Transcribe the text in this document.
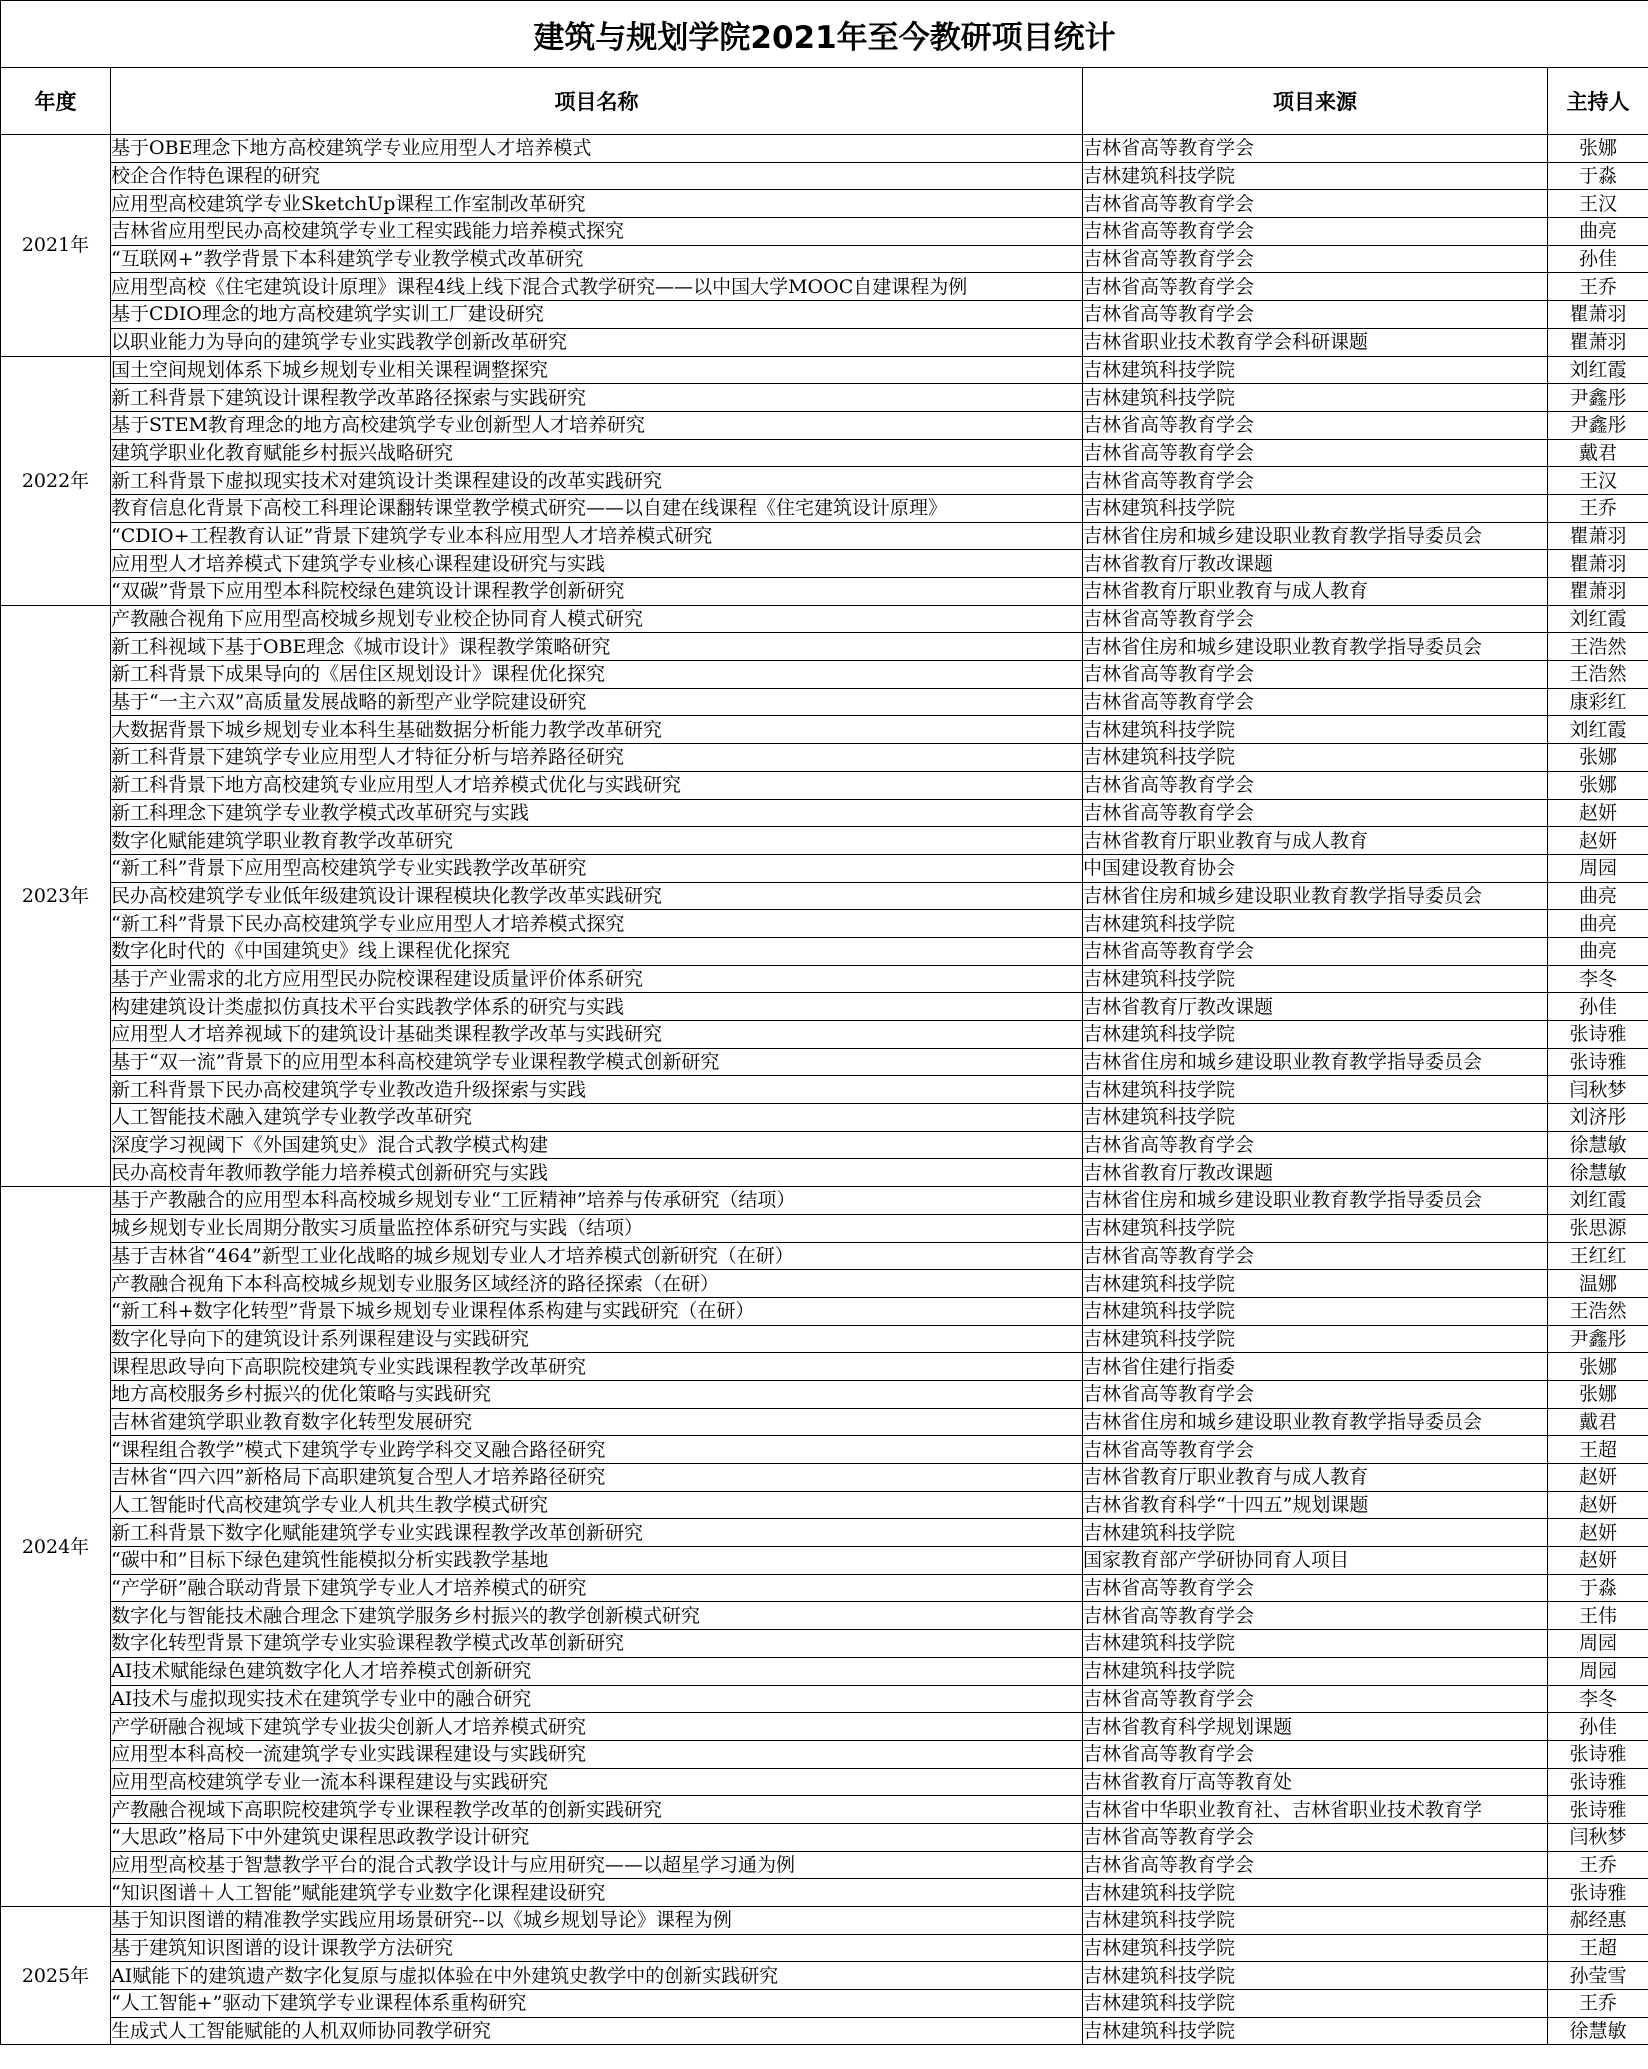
建筑与规划学院2021年至今教研项目统计			
年度	项目名称	项目来源	主持人
2021年	基于OBE理念下地方高校建筑学专业应用型人才培养模式	吉林省高等教育学会	张娜
	校企合作特色课程的研究	吉林建筑科技学院	于淼
	应用型高校建筑学专业SketchUp课程工作室制改革研究	吉林省高等教育学会	王汉
	吉林省应用型民办高校建筑学专业工程实践能力培养模式探究	吉林省高等教育学会	曲亮
	“互联网+”教学背景下本科建筑学专业教学模式改革研究	吉林省高等教育学会	孙佳
	应用型高校《住宅建筑设计原理》课程4线上线下混合式教学研究——以中国大学MOOC自建课程为例	吉林省高等教育学会	王乔
	基于CDIO理念的地方高校建筑学实训工厂建设研究	吉林省高等教育学会	瞿萧羽
	以职业能力为导向的建筑学专业实践教学创新改革研究	吉林省职业技术教育学会科研课题	瞿萧羽
2022年	国土空间规划体系下城乡规划专业相关课程调整探究	吉林建筑科技学院	刘红霞
	新工科背景下建筑设计课程教学改革路径探索与实践研究	吉林建筑科技学院	尹鑫彤
	基于STEM教育理念的地方高校建筑学专业创新型人才培养研究	吉林省高等教育学会	尹鑫彤
	建筑学职业化教育赋能乡村振兴战略研究	吉林省高等教育学会	戴君
	新工科背景下虚拟现实技术对建筑设计类课程建设的改革实践研究	吉林省高等教育学会	王汉
	教育信息化背景下高校工科理论课翻转课堂教学模式研究——以自建在线课程《住宅建筑设计原理》	吉林建筑科技学院	王乔
	“CDIO+工程教育认证”背景下建筑学专业本科应用型人才培养模式研究	吉林省住房和城乡建设职业教育教学指导委员会	瞿萧羽
	应用型人才培养模式下建筑学专业核心课程建设研究与实践	吉林省教育厅教改课题	瞿萧羽
	“双碳”背景下应用型本科院校绿色建筑设计课程教学创新研究	吉林省教育厅职业教育与成人教育	瞿萧羽
2023年	产教融合视角下应用型高校城乡规划专业校企协同育人模式研究	吉林省高等教育学会	刘红霞
	新工科视域下基于OBE理念《城市设计》课程教学策略研究	吉林省住房和城乡建设职业教育教学指导委员会	王浩然
	新工科背景下成果导向的《居住区规划设计》课程优化探究	吉林省高等教育学会	王浩然
	基于“一主六双”高质量发展战略的新型产业学院建设研究	吉林省高等教育学会	康彩红
	大数据背景下城乡规划专业本科生基础数据分析能力教学改革研究	吉林建筑科技学院	刘红霞
	新工科背景下建筑学专业应用型人才特征分析与培养路径研究	吉林建筑科技学院	张娜
	新工科背景下地方高校建筑专业应用型人才培养模式优化与实践研究	吉林省高等教育学会	张娜
	新工科理念下建筑学专业教学模式改革研究与实践	吉林省高等教育学会	赵妍
	数字化赋能建筑学职业教育教学改革研究	吉林省教育厅职业教育与成人教育	赵妍
	“新工科”背景下应用型高校建筑学专业实践教学改革研究	中国建设教育协会	周园
	民办高校建筑学专业低年级建筑设计课程模块化教学改革实践研究	吉林省住房和城乡建设职业教育教学指导委员会	曲亮
	“新工科”背景下民办高校建筑学专业应用型人才培养模式探究	吉林建筑科技学院	曲亮
	数字化时代的《中国建筑史》线上课程优化探究	吉林省高等教育学会	曲亮
	基于产业需求的北方应用型民办院校课程建设质量评价体系研究	吉林建筑科技学院	李冬
	构建建筑设计类虚拟仿真技术平台实践教学体系的研究与实践	吉林省教育厅教改课题	孙佳
	应用型人才培养视域下的建筑设计基础类课程教学改革与实践研究	吉林建筑科技学院	张诗雅
	基于“双一流”背景下的应用型本科高校建筑学专业课程教学模式创新研究	吉林省住房和城乡建设职业教育教学指导委员会	张诗雅
	新工科背景下民办高校建筑学专业教改造升级探索与实践	吉林建筑科技学院	闫秋梦
	人工智能技术融入建筑学专业教学改革研究	吉林建筑科技学院	刘济彤
	深度学习视阈下《外国建筑史》混合式教学模式构建	吉林省高等教育学会	徐慧敏
	民办高校青年教师教学能力培养模式创新研究与实践	吉林省教育厅教改课题	徐慧敏
2024年	基于产教融合的应用型本科高校城乡规划专业“工匠精神”培养与传承研究（结项）	吉林省住房和城乡建设职业教育教学指导委员会	刘红霞
	城乡规划专业长周期分散实习质量监控体系研究与实践（结项）	吉林建筑科技学院	张思源
	基于吉林省“464”新型工业化战略的城乡规划专业人才培养模式创新研究（在研）	吉林省高等教育学会	王红红
	产教融合视角下本科高校城乡规划专业服务区域经济的路径探索（在研）	吉林建筑科技学院	温娜
	“新工科+数字化转型”背景下城乡规划专业课程体系构建与实践研究（在研）	吉林建筑科技学院	王浩然
	数字化导向下的建筑设计系列课程建设与实践研究	吉林建筑科技学院	尹鑫彤
	课程思政导向下高职院校建筑专业实践课程教学改革研究	吉林省住建行指委	张娜
	地方高校服务乡村振兴的优化策略与实践研究	吉林省高等教育学会	张娜
	吉林省建筑学职业教育数字化转型发展研究	吉林省住房和城乡建设职业教育教学指导委员会	戴君
	“课程组合教学”模式下建筑学专业跨学科交叉融合路径研究	吉林省高等教育学会	王超
	吉林省“四六四”新格局下高职建筑复合型人才培养路径研究	吉林省教育厅职业教育与成人教育	赵妍
	人工智能时代高校建筑学专业人机共生教学模式研究	吉林省教育科学“十四五”规划课题	赵妍
	新工科背景下数字化赋能建筑学专业实践课程教学改革创新研究	吉林建筑科技学院	赵妍
	“碳中和”目标下绿色建筑性能模拟分析实践教学基地	国家教育部产学研协同育人项目	赵妍
	“产学研”融合联动背景下建筑学专业人才培养模式的研究	吉林省高等教育学会	于淼
	数字化与智能技术融合理念下建筑学服务乡村振兴的教学创新模式研究	吉林省高等教育学会	王伟
	数字化转型背景下建筑学专业实验课程教学模式改革创新研究	吉林建筑科技学院	周园
	AI技术赋能绿色建筑数字化人才培养模式创新研究	吉林建筑科技学院	周园
	AI技术与虚拟现实技术在建筑学专业中的融合研究	吉林省高等教育学会	李冬
	产学研融合视域下建筑学专业拔尖创新人才培养模式研究	吉林省教育科学规划课题	孙佳
	应用型本科高校一流建筑学专业实践课程建设与实践研究	吉林省高等教育学会	张诗雅
	应用型高校建筑学专业一流本科课程建设与实践研究	吉林省教育厅高等教育处	张诗雅
	产教融合视域下高职院校建筑学专业课程教学改革的创新实践研究	吉林省中华职业教育社、吉林省职业技术教育学	张诗雅
	“大思政”格局下中外建筑史课程思政教学设计研究	吉林省高等教育学会	闫秋梦
	应用型高校基于智慧教学平台的混合式教学设计与应用研究——以超星学习通为例	吉林省高等教育学会	王乔
	“知识图谱＋人工智能”赋能建筑学专业数字化课程建设研究	吉林建筑科技学院	张诗雅
2025年	基于知识图谱的精准教学实践应用场景研究--以《城乡规划导论》课程为例	吉林建筑科技学院	郝经惠
	基于建筑知识图谱的设计课教学方法研究	吉林建筑科技学院	王超
	AI赋能下的建筑遗产数字化复原与虚拟体验在中外建筑史教学中的创新实践研究	吉林建筑科技学院	孙莹雪
	“人工智能+”驱动下建筑学专业课程体系重构研究	吉林建筑科技学院	王乔
	生成式人工智能赋能的人机双师协同教学研究	吉林建筑科技学院	徐慧敏
